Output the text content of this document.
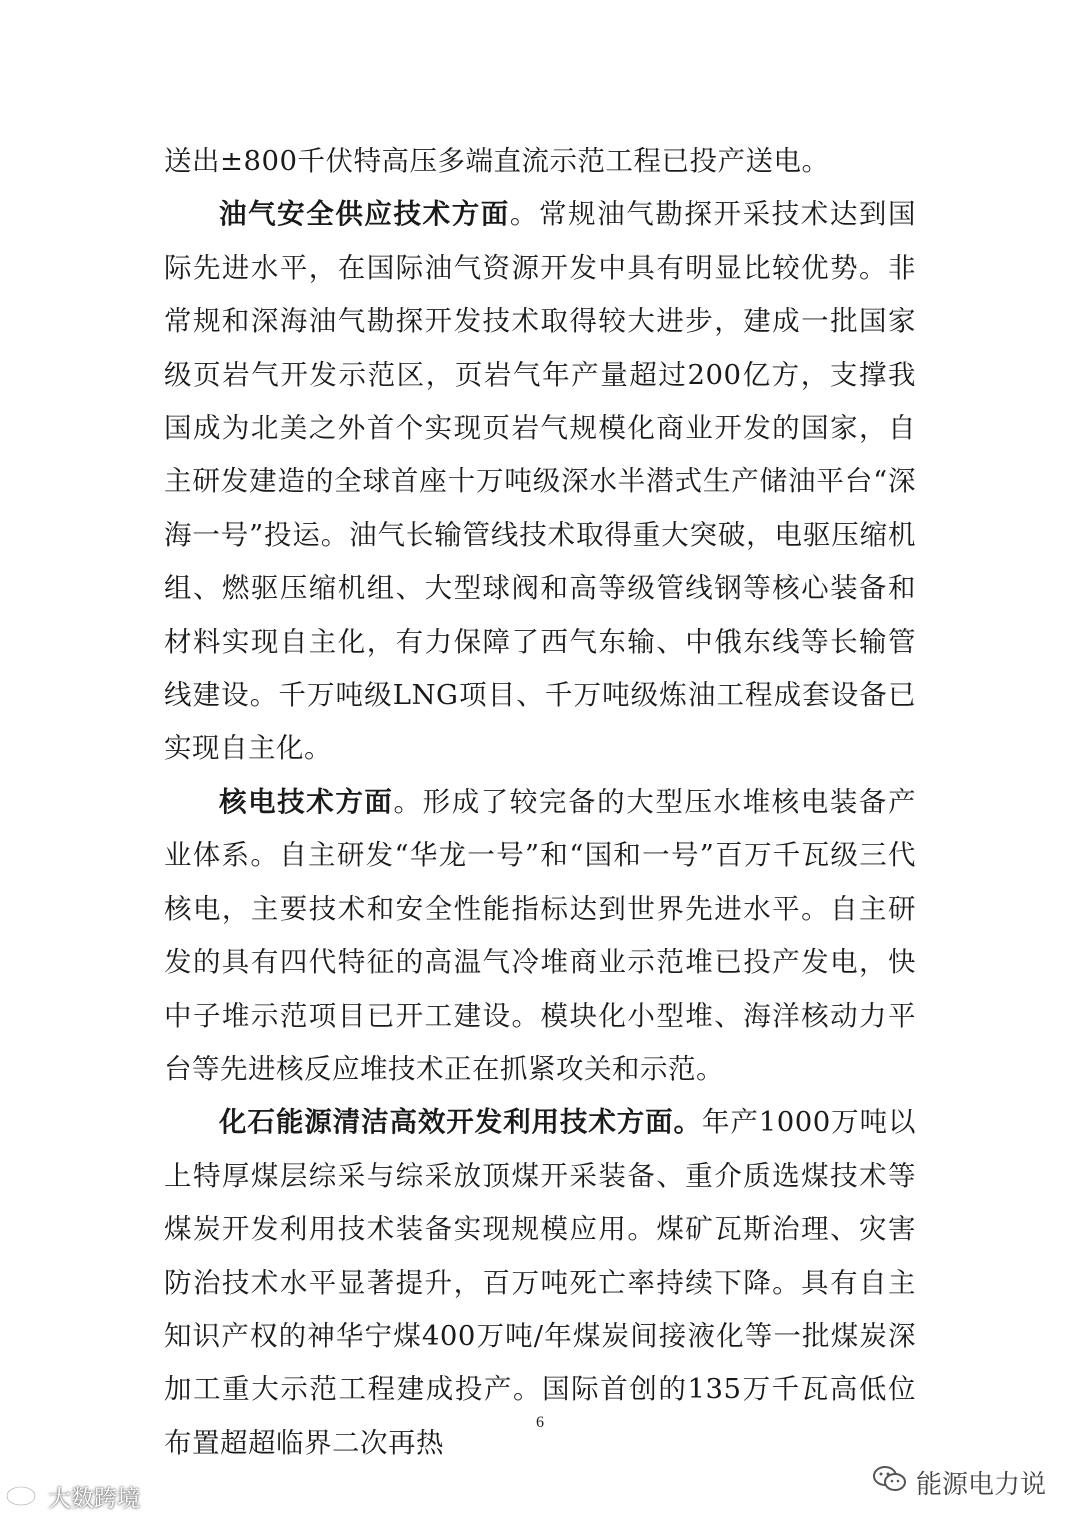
送出±800千伏特高压多端直流示范工程已投产送电。

油气安全供应技术方面。常规油气勘探开采技术达到国际先进水平，在国际油气资源开发中具有明显比较优势。非常规和深海油气勘探开发技术取得较大进步，建成一批国家级页岩气开发示范区，页岩气年产量超过200亿方，支撑我国成为北美之外首个实现页岩气规模化商业开发的国家，自主研发建造的全球首座十万吨级深水半潜式生产储油平台“深海一号”投运。油气长输管线技术取得重大突破，电驱压缩机组、燃驱压缩机组、大型球阀和高等级管线钢等核心装备和材料实现自主化，有力保障了西气东输、中俄东线等长输管线建设。千万吨级LNG项目、千万吨级炼油工程成套设备已实现自主化。

核电技术方面。形成了较完备的大型压水堆核电装备产业体系。自主研发“华龙一号”和“国和一号”百万千瓦级三代核电，主要技术和安全性能指标达到世界先进水平。自主研发的具有四代特征的高温气冷堆商业示范堆已投产发电，快中子堆示范项目已开工建设。模块化小型堆、海洋核动力平台等先进核反应堆技术正在抓紧攻关和示范。

化石能源清洁高效开发利用技术方面。年产1000万吨以上特厚煤层综采与综采放顶煤开采装备、重介质选煤技术等煤炭开发利用技术装备实现规模应用。煤矿瓦斯治理、灾害防治技术水平显著提升，百万吨死亡率持续下降。具有自主知识产权的神华宁煤400万吨/年煤炭间接液化等一批煤炭深加工重大示范工程建成投产。国际首创的135万千瓦高低位布置超超临界二次再热

6
大数跨境	能源电力说
